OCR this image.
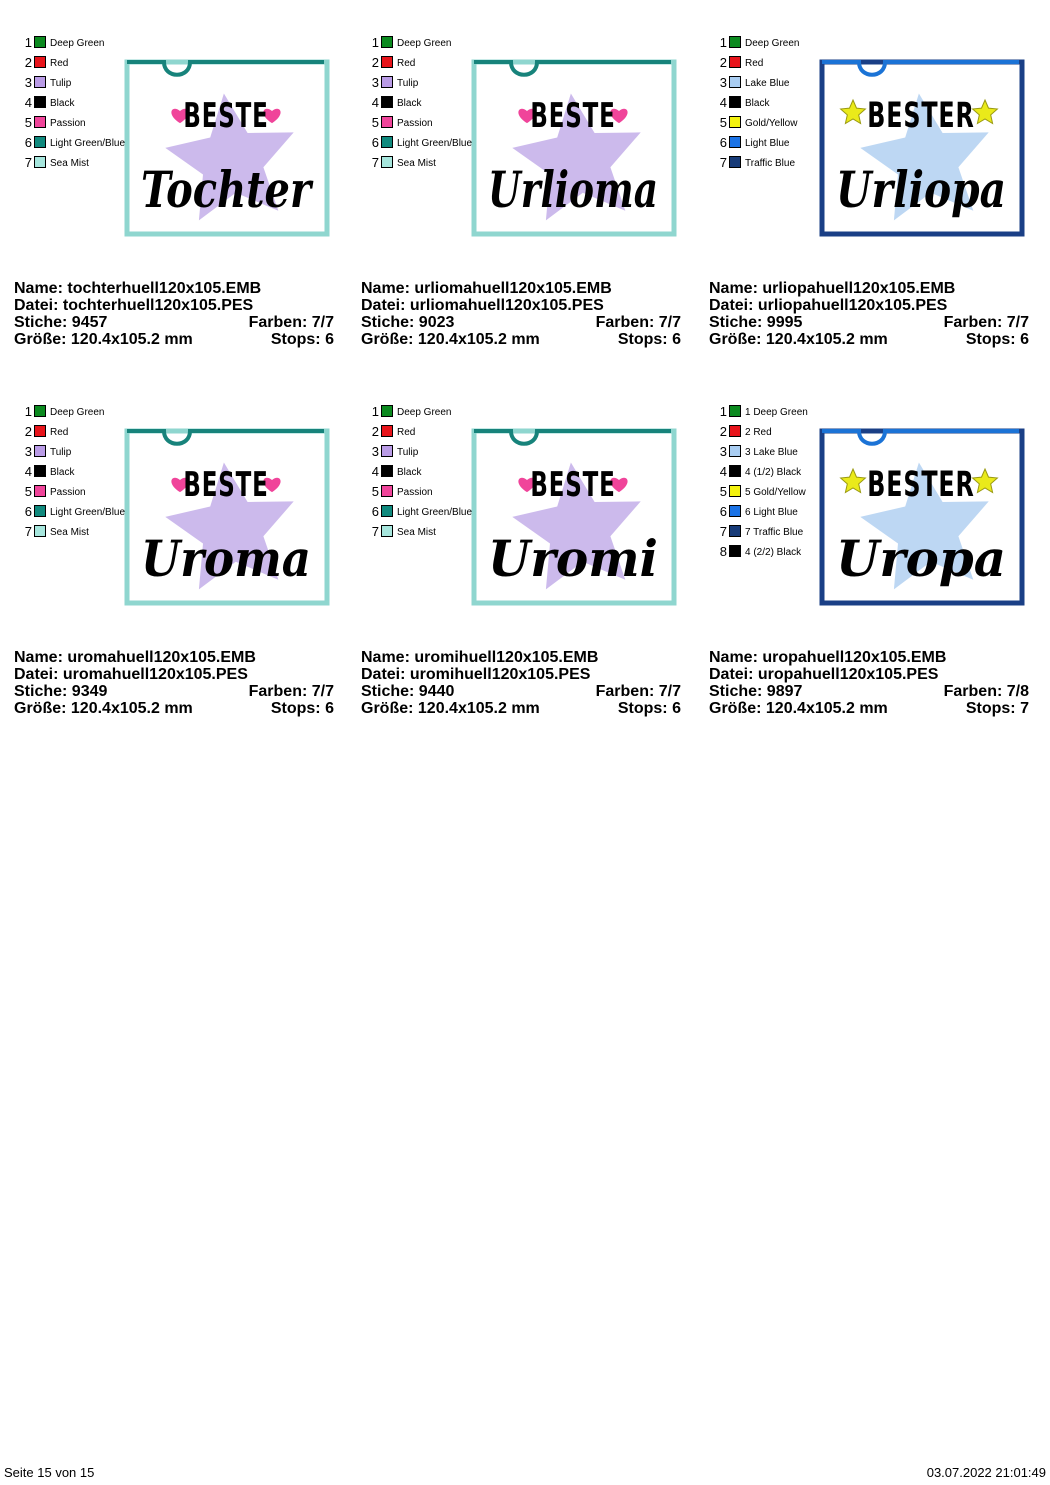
1 Deep Green
2 Red
3 Tulip
4 Black
5 Passion
6 Light Green/Blue
7 Sea Mist
BESTE
Tochter
Name: tochterhuell120x105.EMB
Datei: tochterhuell120x105.PES
Stiche: 9457	Farben: 7/7
Größe: 120.4x105.2 mm	Stops: 6
1 Deep Green
2 Red
3 Tulip
4 Black
5 Passion
6 Light Green/Blue
7 Sea Mist
BESTE
Urlioma
Name: urliomahuell120x105.EMB
Datei: urliomahuell120x105.PES
Stiche: 9023	Farben: 7/7
Größe: 120.4x105.2 mm	Stops: 6
1 Deep Green
2 Red
3 Lake Blue
4 Black
5 Gold/Yellow
6 Light Blue
7 Traffic Blue
BESTER
Urliopa
Name: urliopahuell120x105.EMB
Datei: urliopahuell120x105.PES
Stiche: 9995	Farben: 7/7
Größe: 120.4x105.2 mm	Stops: 6
1 Deep Green
2 Red
3 Tulip
4 Black
5 Passion
6 Light Green/Blue
7 Sea Mist
BESTE
Uroma
Name: uromahuell120x105.EMB
Datei: uromahuell120x105.PES
Stiche: 9349	Farben: 7/7
Größe: 120.4x105.2 mm	Stops: 6
1 Deep Green
2 Red
3 Tulip
4 Black
5 Passion
6 Light Green/Blue
7 Sea Mist
BESTE
Uromi
Name: uromihuell120x105.EMB
Datei: uromihuell120x105.PES
Stiche: 9440	Farben: 7/7
Größe: 120.4x105.2 mm	Stops: 6
1 1 Deep Green
2 2 Red
3 3 Lake Blue
4 4 (1/2) Black
5 5 Gold/Yellow
6 6 Light Blue
7 7 Traffic Blue
8 4 (2/2) Black
BESTER
Uropa
Name: uropahuell120x105.EMB
Datei: uropahuell120x105.PES
Stiche: 9897	Farben: 7/8
Größe: 120.4x105.2 mm	Stops: 7
Seite 15 von 15	03.07.2022 21:01:49
